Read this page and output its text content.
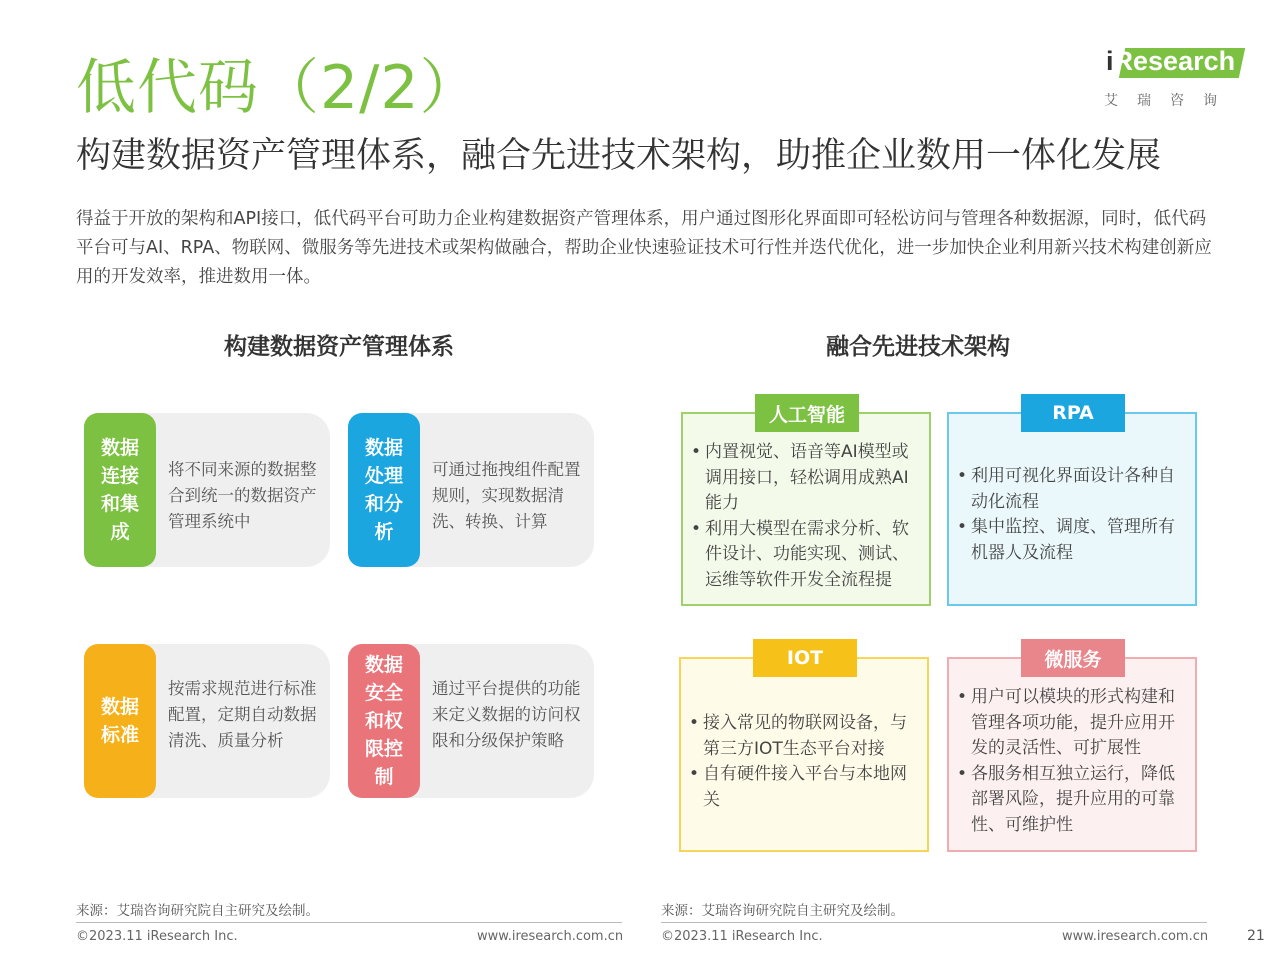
低代码（2/2）
构建数据资产管理体系，融合先进技术架构，助推企业数用一体化发展
得益于开放的架构和API接口，低代码平台可助力企业构建数据资产管理体系，用户通过图形化界面即可轻松访问与管理各种数据源，同时，低代码平台可与AI、RPA、物联网、微服务等先进技术或架构做融合，帮助企业快速验证技术可行性并迭代优化，进一步加快企业利用新兴技术构建创新应用的开发效率，推进数用一体。
iResearch
艾瑞咨询
构建数据资产管理体系
数据连接和集成
将不同来源的数据整合到统一的数据资产管理系统中
数据处理和分析
可通过拖拽组件配置规则，实现数据清洗、转换、计算
数据标准
按需求规范进行标准配置，定期自动数据清洗、质量分析
数据安全和权限控制
通过平台提供的功能来定义数据的访问权限和分级保护策略
融合先进技术架构
人工智能
• 内置视觉、语音等AI模型或调用接口，轻松调用成熟AI能力
• 利用大模型在需求分析、软件设计、功能实现、测试、运维等软件开发全流程提
RPA
• 利用可视化界面设计各种自动化流程
• 集中监控、调度、管理所有机器人及流程
IOT
• 接入常见的物联网设备，与第三方IOT生态平台对接
• 自有硬件接入平台与本地网关
微服务
• 用户可以模块的形式构建和管理各项功能，提升应用开发的灵活性、可扩展性
• 各服务相互独立运行，降低部署风险，提升应用的可靠性、可维护性
来源：艾瑞咨询研究院自主研究及绘制。
©2023.11 iResearch Inc.	www.iresearch.com.cn
来源：艾瑞咨询研究院自主研究及绘制。
©2023.11 iResearch Inc.	www.iresearch.com.cn	21
